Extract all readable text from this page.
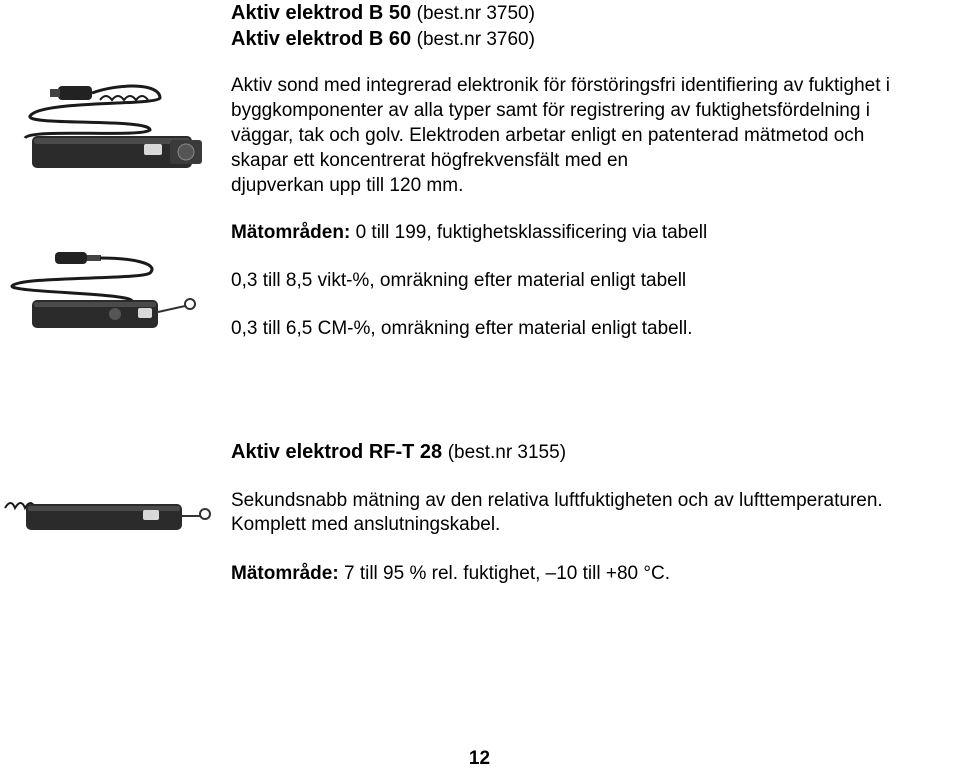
Aktiv elektrod B 50 (best.nr 3750)
Aktiv elektrod B 60 (best.nr 3760)

Aktiv sond med integrerad elektronik för förstöringsfri identifiering av fuktighet i

byggkomponenter av alla typer samt för registrering av fuktighetsfördelning i

väggar, tak och golv. Elektroden arbetar enligt en patenterad mätmetod och

skapar ett koncentrerat högfrekvensfält med en

djupverkan upp till 120 mm.

Mätområden: 0 till 199, fuktighetsklassificering via tabell

0,3 till 8,5 vikt-%, omräkning efter material enligt tabell

0,3 till 6,5 CM-%, omräkning efter material enligt tabell.

Aktiv elektrod RF-T 28 (best.nr 3155)

Sekundsnabb mätning av den relativa luftfuktigheten och av lufttemperaturen.

Komplett med anslutningskabel.

Mätområde: 7 till 95 % rel. fuktighet, –10 till +80 °C.

12
